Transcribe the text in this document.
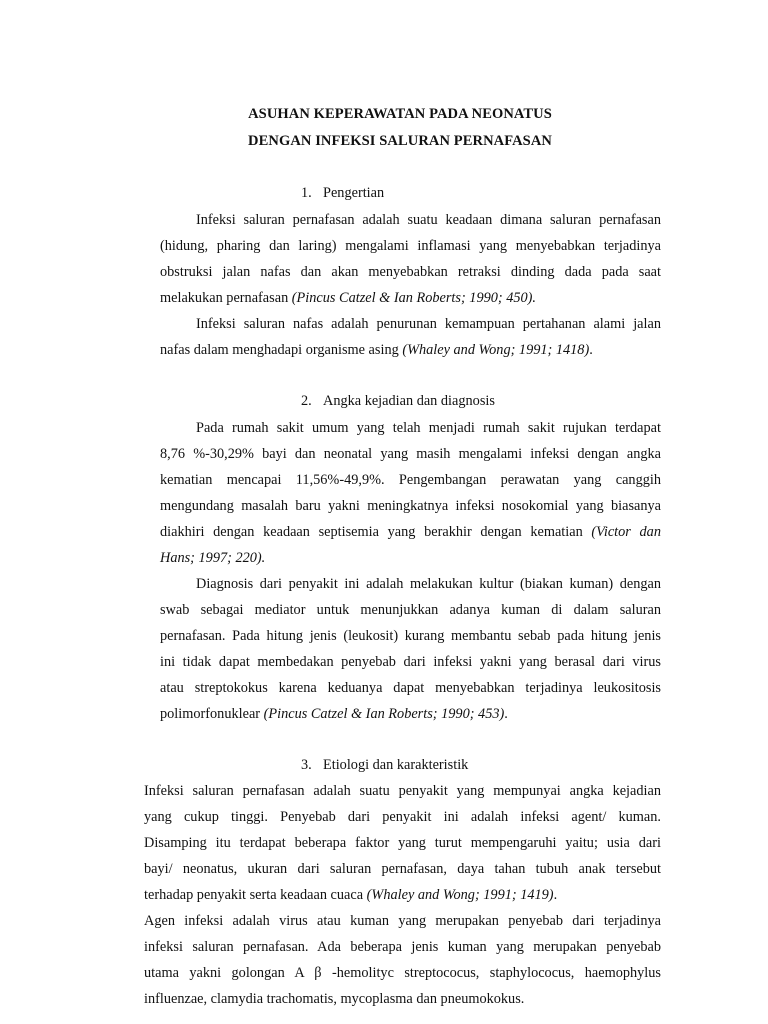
ASUHAN KEPERAWATAN PADA NEONATUS
DENGAN INFEKSI SALURAN PERNAFASAN
1. Pengertian
Infeksi saluran pernafasan adalah suatu keadaan dimana saluran pernafasan
(hidung, pharing dan laring) mengalami inflamasi yang menyebabkan terjadinya
obstruksi jalan nafas dan akan menyebabkan retraksi dinding dada pada saat
melakukan pernafasan (Pincus Catzel & Ian Roberts; 1990; 450).
Infeksi saluran nafas adalah penurunan kemampuan pertahanan alami jalan
nafas dalam menghadapi organisme asing (Whaley and Wong; 1991; 1418).
2. Angka kejadian dan diagnosis
Pada rumah sakit umum yang telah menjadi rumah sakit rujukan terdapat
8,76 %-30,29% bayi dan neonatal yang masih mengalami infeksi dengan angka
kematian mencapai 11,56%-49,9%. Pengembangan perawatan yang canggih
mengundang masalah baru yakni meningkatnya infeksi nosokomial yang biasanya
diakhiri dengan keadaan septisemia yang berakhir dengan kematian (Victor dan
Hans; 1997; 220).
Diagnosis dari penyakit ini adalah melakukan kultur (biakan kuman) dengan
swab sebagai mediator untuk menunjukkan adanya kuman di dalam saluran
pernafasan. Pada hitung jenis (leukosit) kurang membantu sebab pada hitung jenis
ini tidak dapat membedakan penyebab dari infeksi yakni yang berasal dari virus
atau streptokokus karena keduanya dapat menyebabkan terjadinya leukositosis
polimorfonuklear (Pincus Catzel & Ian Roberts; 1990; 453).
3. Etiologi dan karakteristik
Infeksi saluran pernafasan adalah suatu penyakit yang mempunyai angka kejadian
yang cukup tinggi. Penyebab dari penyakit ini adalah infeksi agent/ kuman.
Disamping itu terdapat beberapa faktor yang turut mempengaruhi yaitu; usia dari
bayi/ neonatus, ukuran dari saluran pernafasan, daya tahan tubuh anak tersebut
terhadap penyakit serta keadaan cuaca (Whaley and Wong; 1991; 1419).
Agen infeksi adalah virus atau kuman yang merupakan penyebab dari terjadinya
infeksi saluran pernafasan. Ada beberapa jenis kuman yang merupakan penyebab
utama yakni golongan A β -hemolityc streptococus, staphylococus, haemophylus
influenzae, clamydia trachomatis, mycoplasma dan pneumokokus.
